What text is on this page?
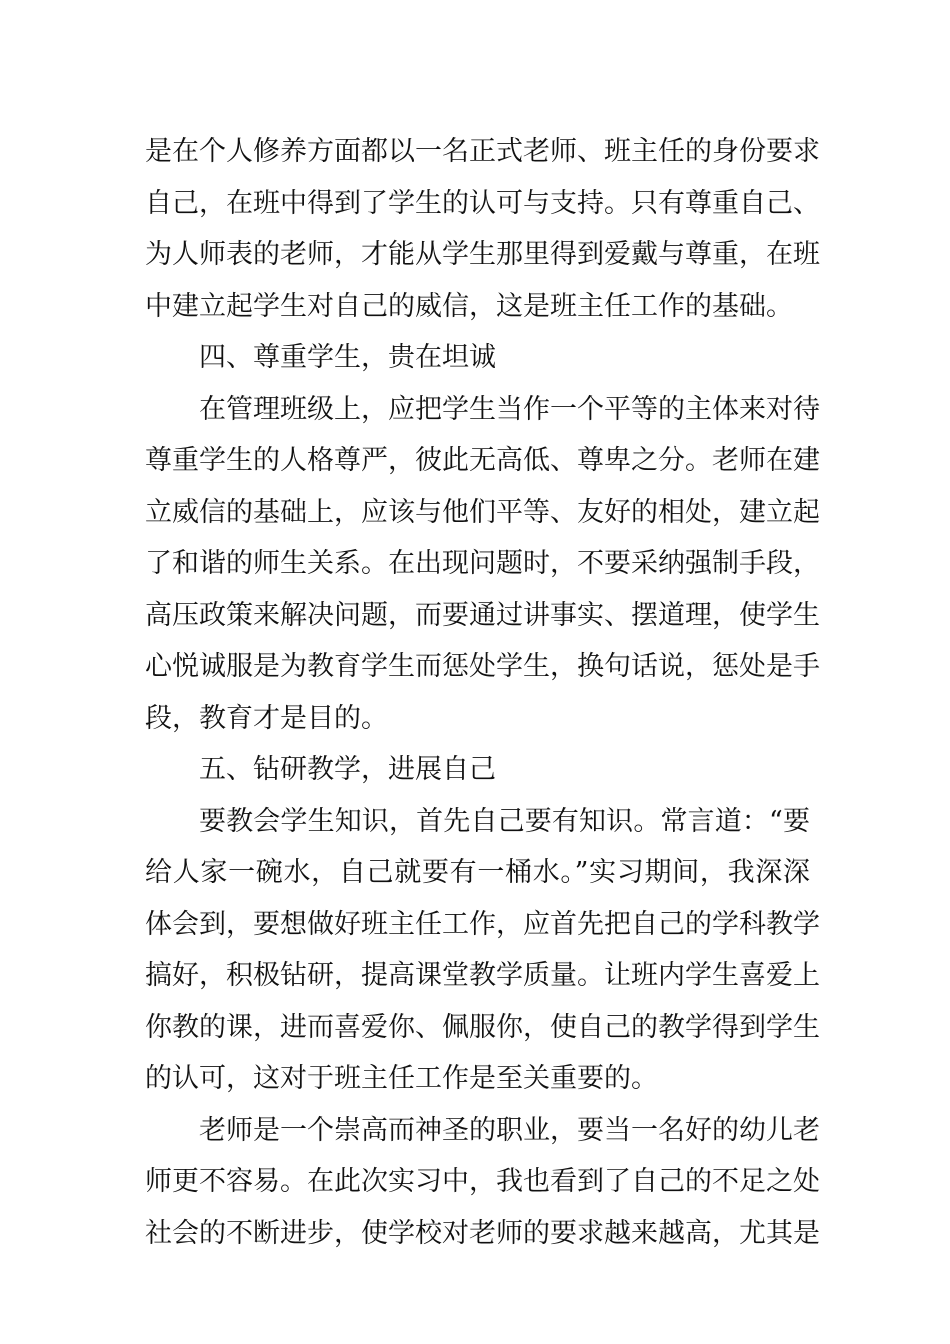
是在个人修养方面都以一名正式老师、班主任的身份要求
自己，在班中得到了学生的认可与支持。只有尊重自己、
为人师表的老师，才能从学生那里得到爱戴与尊重，在班
中建立起学生对自己的威信，这是班主任工作的基础。
四、尊重学生，贵在坦诚
在管理班级上，应把学生当作一个平等的主体来对待
尊重学生的人格尊严，彼此无高低、尊卑之分。老师在建
立威信的基础上，应该与他们平等、友好的相处，建立起
了和谐的师生关系。在出现问题时，不要采纳强制手段，
高压政策来解决问题，而要通过讲事实、摆道理，使学生
心悦诚服是为教育学生而惩处学生，换句话说，惩处是手
段，教育才是目的。
五、钻研教学，进展自己
要教会学生知识，首先自己要有知识。常言道：“要
给人家一碗水，自己就要有一桶水。”实习期间，我深深
体会到，要想做好班主任工作，应首先把自己的学科教学
搞好，积极钻研，提高课堂教学质量。让班内学生喜爱上
你教的课，进而喜爱你、佩服你，使自己的教学得到学生
的认可，这对于班主任工作是至关重要的。
老师是一个崇高而神圣的职业，要当一名好的幼儿老
师更不容易。在此次实习中，我也看到了自己的不足之处
社会的不断进步，使学校对老师的要求越来越高，尤其是
